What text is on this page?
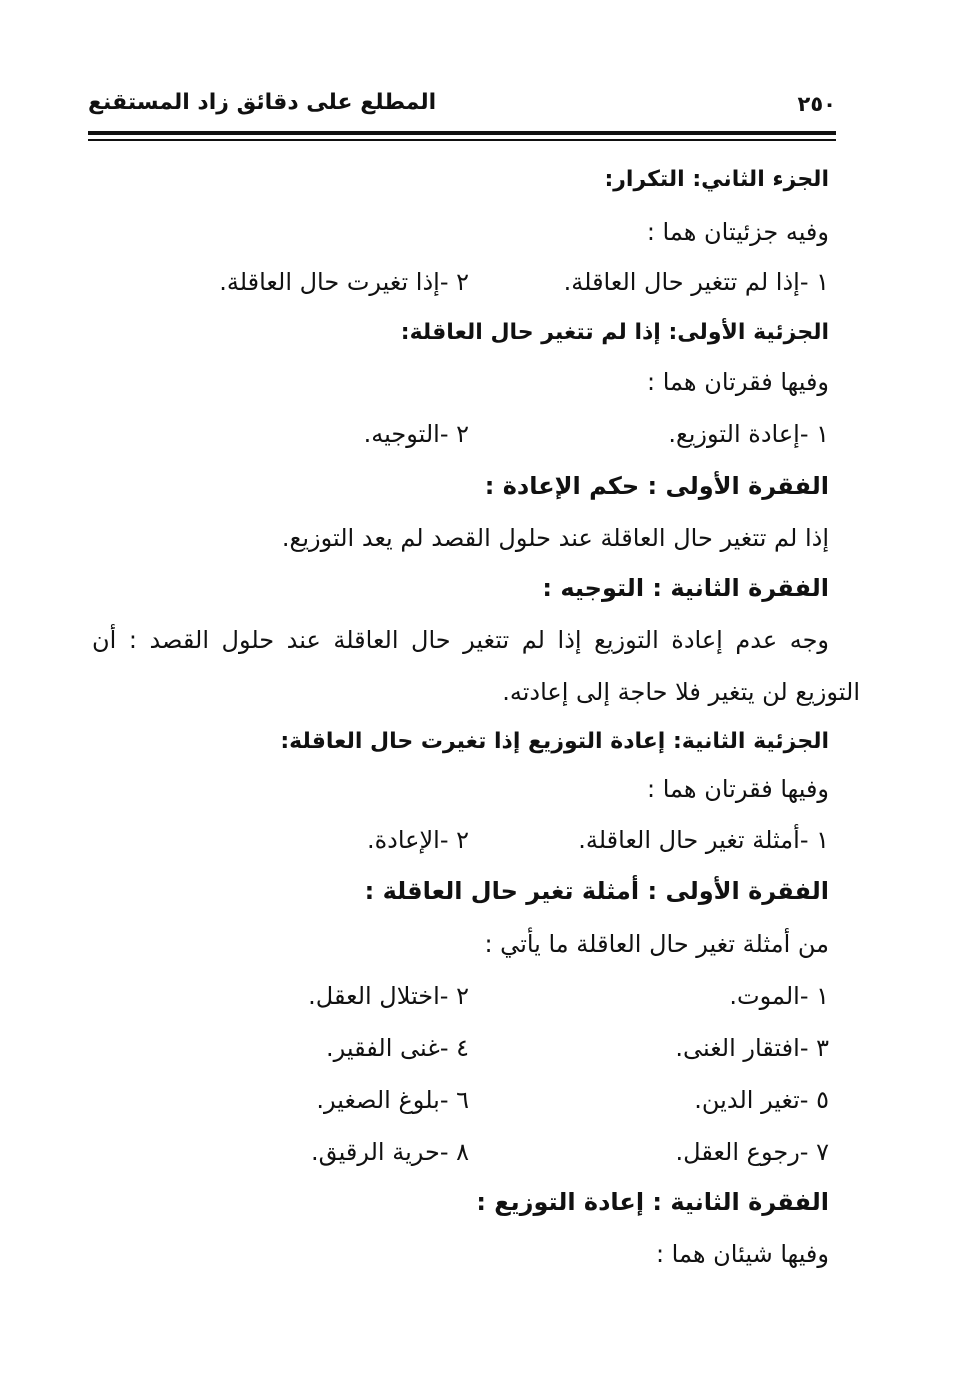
٢٥٠
المطلع على دقائق زاد المستقنع
الجزء الثاني: التكرار:
وفيه جزئيتان هما :
١ -إذا لم تتغير حال العاقلة.
٢ -إذا تغيرت حال العاقلة.
الجزئية الأولى: إذا لم تتغير حال العاقلة:
وفيها فقرتان هما :
١ -إعادة التوزيع.
٢ -التوجيه.
الفقرة الأولى : حكم الإعادة :
إذا لم تتغير حال العاقلة عند حلول القصد لم يعد التوزيع.
الفقرة الثانية : التوجيه :
وجه عدم إعادة التوزيع إذا لم تتغير حال العاقلة عند حلول القصد : أن
التوزيع لن يتغير فلا حاجة إلى إعادته.
الجزئية الثانية: إعادة التوزيع إذا تغيرت حال العاقلة:
وفيها فقرتان هما :
١ -أمثلة تغير حال العاقلة.
٢ -الإعادة.
الفقرة الأولى : أمثلة تغير حال العاقلة :
من أمثلة تغير حال العاقلة ما يأتي :
١ -الموت.
٢ -اختلال العقل.
٣ -افتقار الغنى.
٤ -غنى الفقير.
٥ -تغير الدين.
٦ -بلوغ الصغير.
٧ -رجوع العقل.
٨ -حرية الرقيق.
الفقرة الثانية : إعادة التوزيع :
وفيها شيئان هما :
